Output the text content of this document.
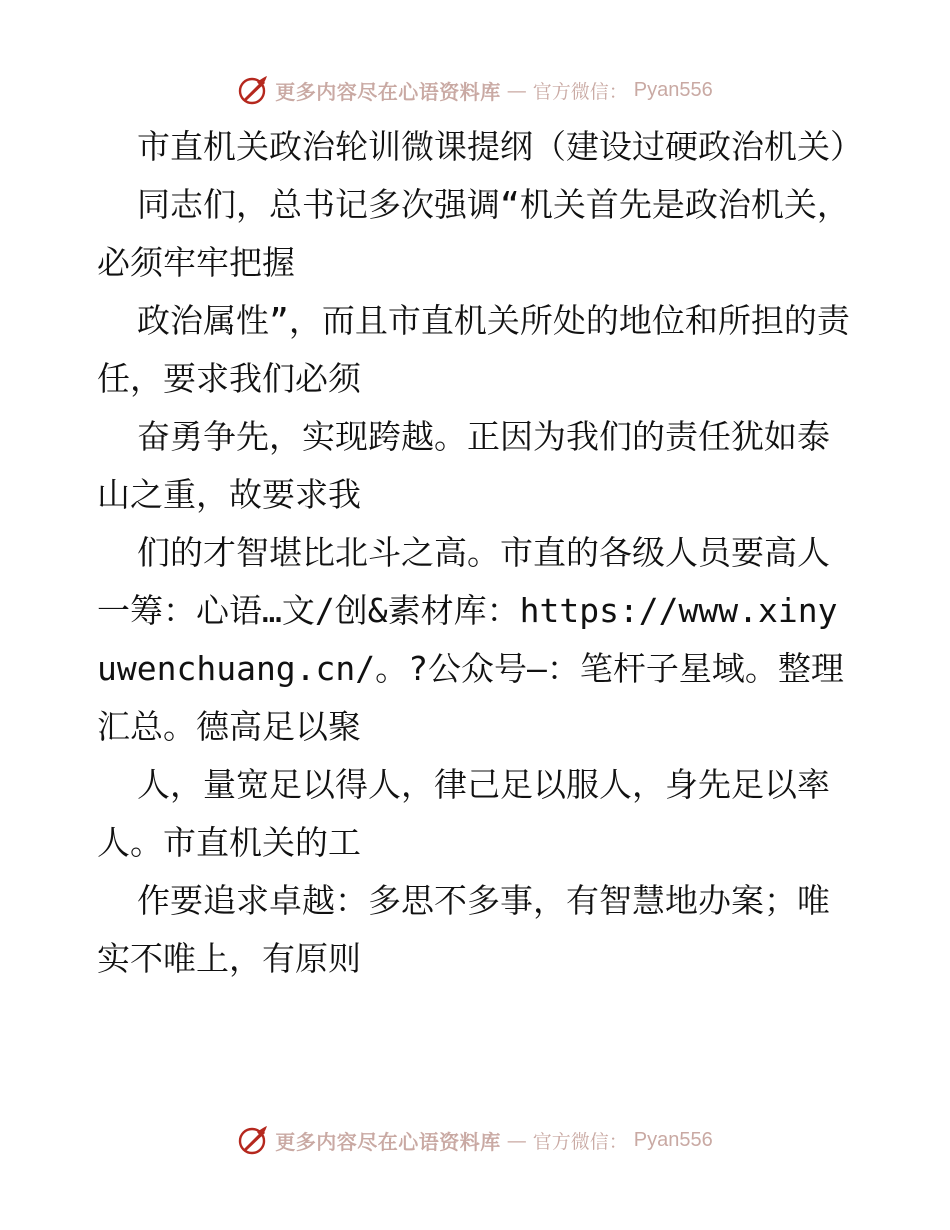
更多内容尽在心语资料库 — 官方微信： Pyan556

市直机关政治轮训微课提纲（建设过硬政治机关）

同志们，总书记多次强调“机关首先是政治机关，必须牢牢把握

政治属性”，而且市直机关所处的地位和所担的责任，要求我们必须

奋勇争先，实现跨越。正因为我们的责任犹如泰山之重，故要求我

们的才智堪比北斗之高。市直的各级人员要高人一筹：心语…文/创&素材库：https://www.xinyuwenchuang.cn/。?公众号—：笔杆子星域。整理汇总。德高足以聚

人，量宽足以得人，律己足以服人，身先足以率人。市直机关的工

作要追求卓越：多思不多事，有智慧地办案；唯实不唯上，有原则

更多内容尽在心语资料库 — 官方微信： Pyan556
